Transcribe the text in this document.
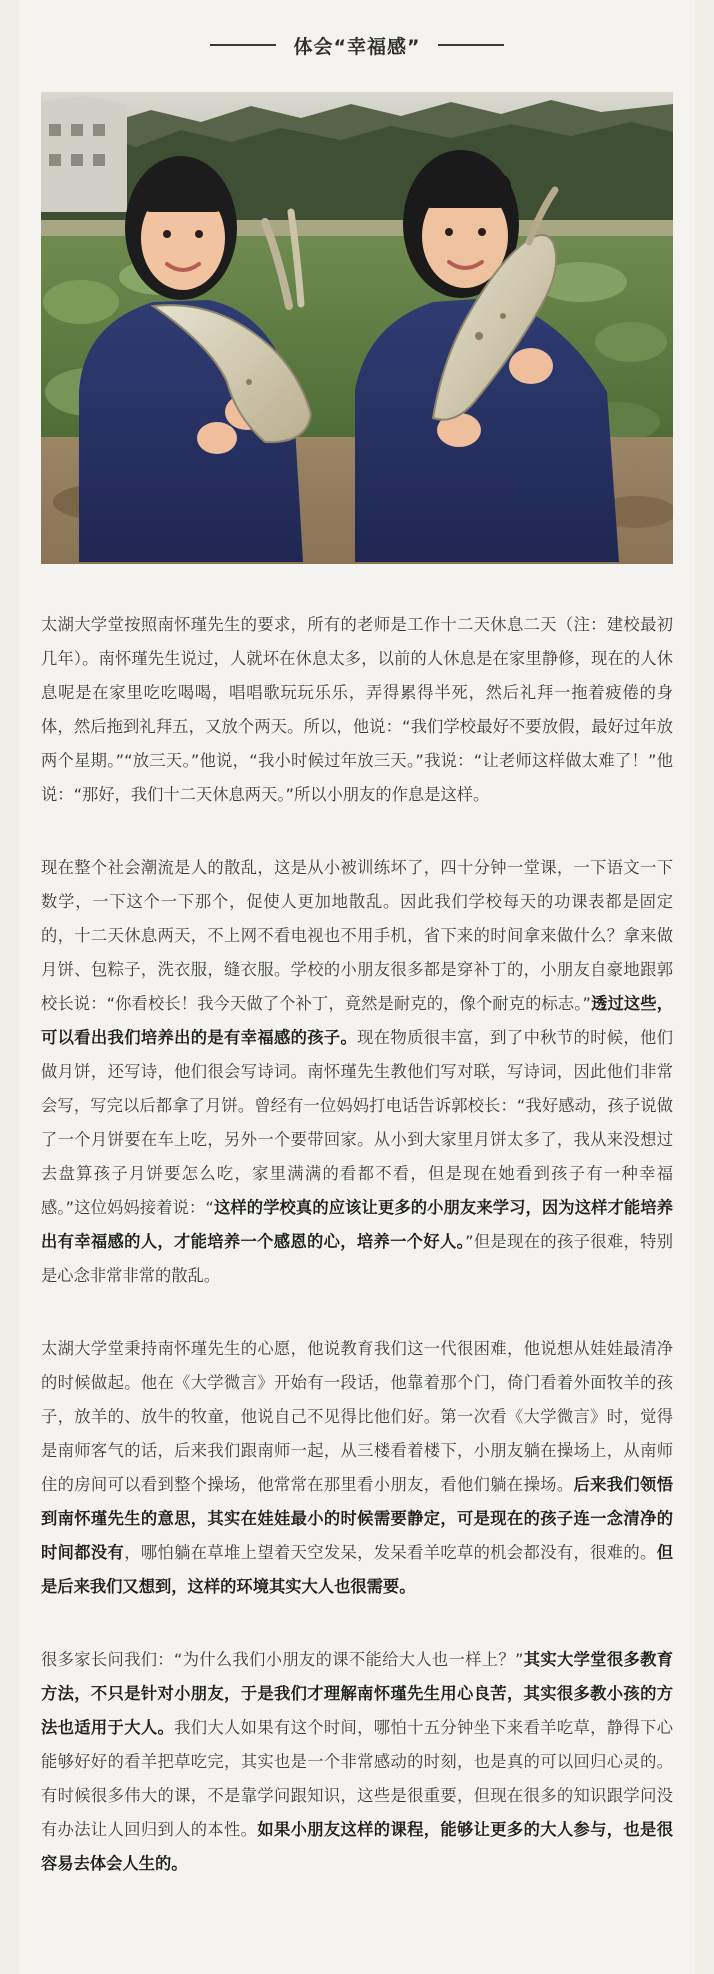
体会“幸福感”

太湖大学堂按照南怀瑾先生的要求，所有的老师是工作十二天休息二天（注：建校最初几年）。南怀瑾先生说过，人就坏在休息太多，以前的人休息是在家里静修，现在的人休息呢是在家里吃吃喝喝，唱唱歌玩玩乐乐，弄得累得半死，然后礼拜一拖着疲倦的身体，然后拖到礼拜五，又放个两天。所以，他说：“我们学校最好不要放假，最好过年放两个星期。”“放三天。”他说，“我小时候过年放三天。”我说：“让老师这样做太难了！”他说：“那好，我们十二天休息两天。”所以小朋友的作息是这样。

现在整个社会潮流是人的散乱，这是从小被训练坏了，四十分钟一堂课，一下语文一下数学，一下这个一下那个，促使人更加地散乱。因此我们学校每天的功课表都是固定的，十二天休息两天，不上网不看电视也不用手机，省下来的时间拿来做什么？拿来做月饼、包粽子，洗衣服，缝衣服。学校的小朋友很多都是穿补丁的，小朋友自豪地跟郭校长说：“你看校长！我今天做了个补丁，竟然是耐克的，像个耐克的标志。”透过这些，可以看出我们培养出的是有幸福感的孩子。现在物质很丰富，到了中秋节的时候，他们做月饼，还写诗，他们很会写诗词。南怀瑾先生教他们写对联，写诗词，因此他们非常会写，写完以后都拿了月饼。曾经有一位妈妈打电话告诉郭校长：“我好感动，孩子说做了一个月饼要在车上吃，另外一个要带回家。从小到大家里月饼太多了，我从来没想过去盘算孩子月饼要怎么吃，家里满满的看都不看，但是现在她看到孩子有一种幸福感。”这位妈妈接着说：“这样的学校真的应该让更多的小朋友来学习，因为这样才能培养出有幸福感的人，才能培养一个感恩的心，培养一个好人。”但是现在的孩子很难，特别是心念非常非常的散乱。

太湖大学堂秉持南怀瑾先生的心愿，他说教育我们这一代很困难，他说想从娃娃最清净的时候做起。他在《大学微言》开始有一段话，他靠着那个门，倚门看着外面牧羊的孩子，放羊的、放牛的牧童，他说自己不见得比他们好。第一次看《大学微言》时，觉得是南师客气的话，后来我们跟南师一起，从三楼看着楼下，小朋友躺在操场上，从南师住的房间可以看到整个操场，他常常在那里看小朋友，看他们躺在操场。后来我们领悟到南怀瑾先生的意思，其实在娃娃最小的时候需要静定，可是现在的孩子连一念清净的时间都没有，哪怕躺在草堆上望着天空发呆，发呆看羊吃草的机会都没有，很难的。但是后来我们又想到，这样的环境其实大人也很需要。

很多家长问我们：“为什么我们小朋友的课不能给大人也一样上？”其实大学堂很多教育方法，不只是针对小朋友，于是我们才理解南怀瑾先生用心良苦，其实很多教小孩的方法也适用于大人。我们大人如果有这个时间，哪怕十五分钟坐下来看羊吃草，静得下心能够好好的看羊把草吃完，其实也是一个非常感动的时刻，也是真的可以回归心灵的。有时候很多伟大的课，不是靠学问跟知识，这些是很重要，但现在很多的知识跟学问没有办法让人回归到人的本性。如果小朋友这样的课程，能够让更多的大人参与，也是很容易去体会人生的。
